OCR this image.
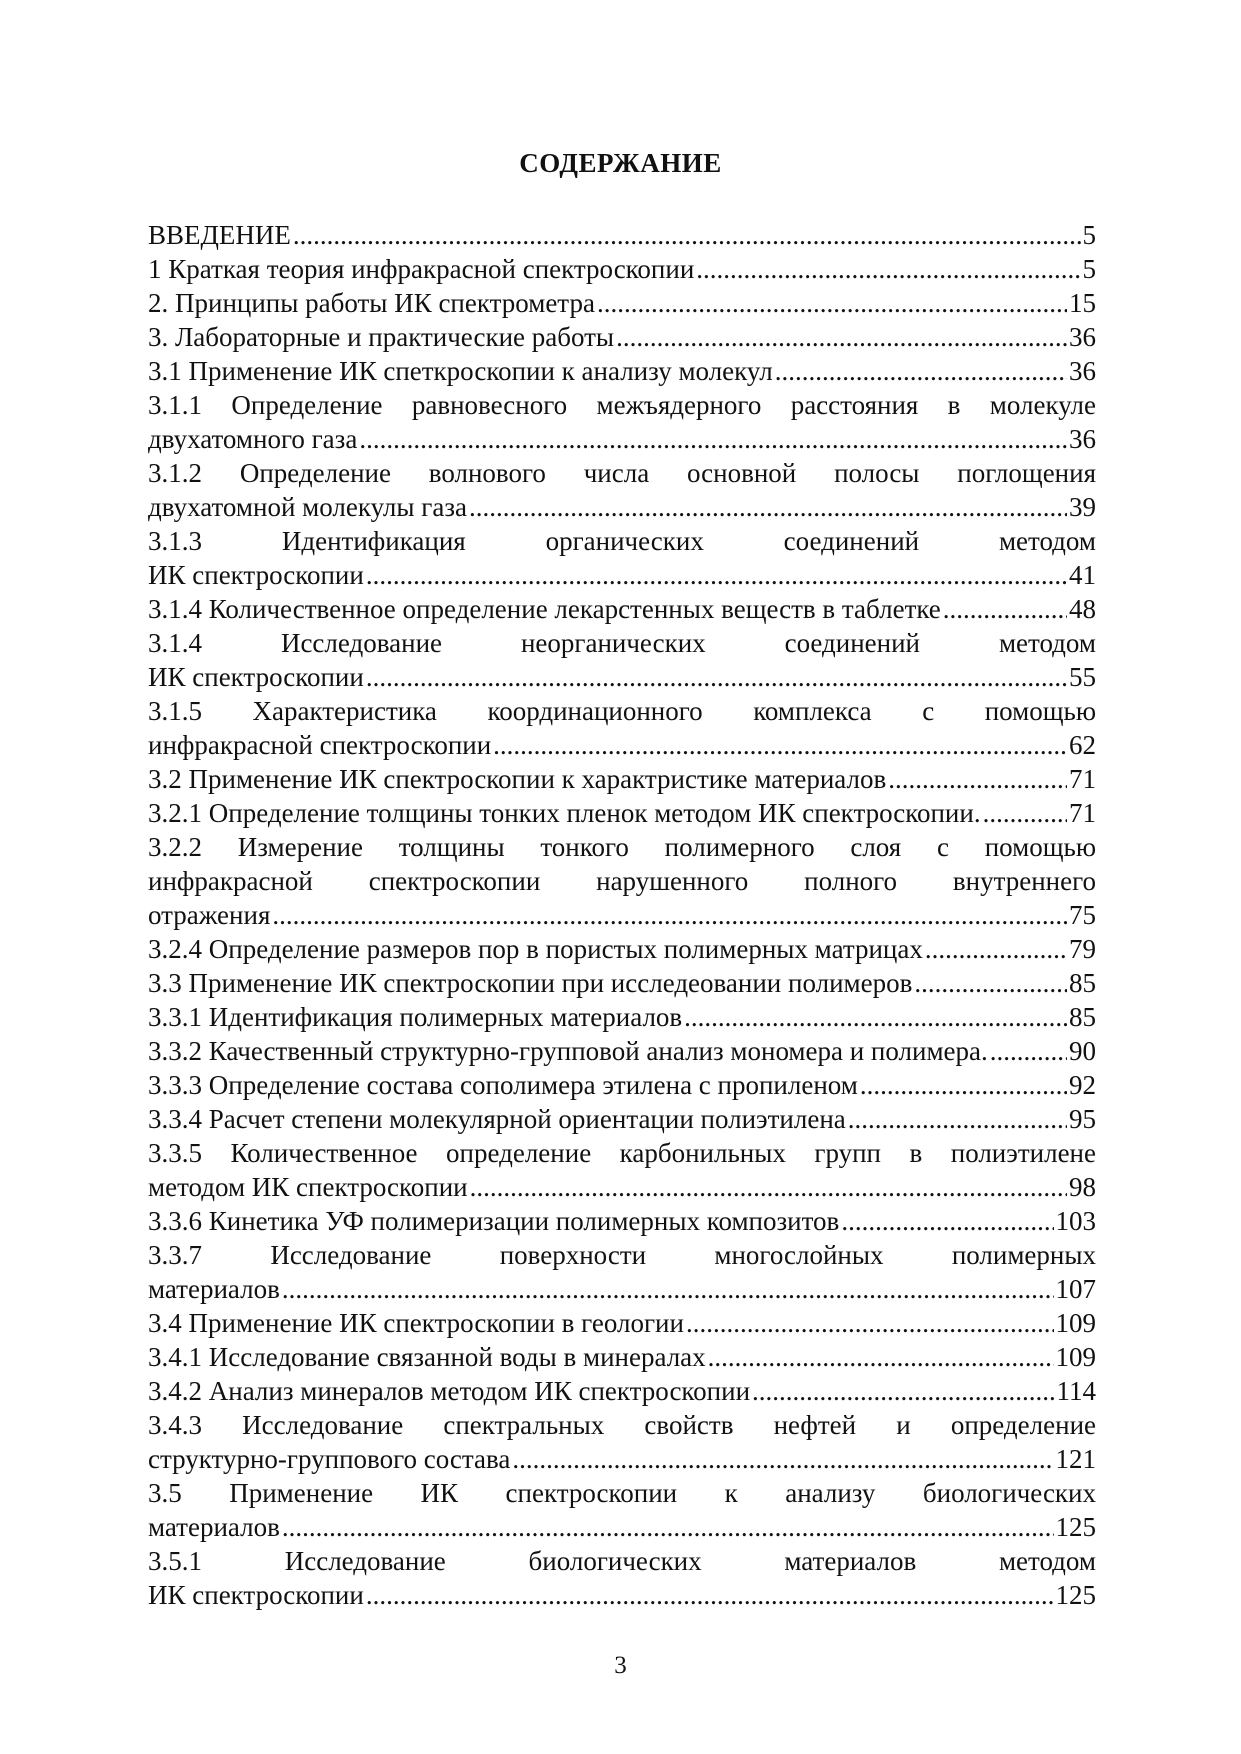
СОДЕРЖАНИЕ
ВВЕДЕНИЕ .....	5
1 Краткая теория инфракрасной спектроскопии .....	5
2. Принципы работы ИК спектрометра .....	15
3. Лабораторные и практические работы .....	36
3.1 Применение ИК спеткроскопии к анализу молекул .....	36
3.1.1 Определение равновесного межъядерного расстояния в молекуле
двухатомного газа .....	36
3.1.2 Определение волнового числа основной полосы поглощения
двухатомной молекулы газа .....	39
3.1.3 Идентификация органических соединений методом
ИК спектроскопии .....	41
3.1.4 Количественное определение лекарстенных веществ в таблетке .....	48
3.1.4 Исследование неорганических соединений методом
ИК спектроскопии .....	55
3.1.5 Характеристика координационного комплекса с помощью
инфракрасной спектроскопии .....	62
3.2 Применение ИК спектроскопии к характристике материалов .....	71
3.2.1 Определение толщины тонких пленок методом ИК спектроскопии. .....	71
3.2.2 Измерение толщины тонкого полимерного слоя с помощью
инфракрасной спектроскопии нарушенного полного внутреннего
отражения .....	75
3.2.4 Определение размеров пор в пористых полимерных матрицах .....	79
3.3 Применение ИК спектроскопии при исследеовании полимеров .....	85
3.3.1 Идентификация полимерных материалов .....	85
3.3.2 Качественный структурно-групповой анализ мономера и полимера. .....	90
3.3.3 Определение состава сополимера этилена с пропиленом .....	92
3.3.4 Расчет степени молекулярной ориентации полиэтилена .....	95
3.3.5 Количественное определение карбонильных групп в полиэтилене
методом ИК спектроскопии .....	98
3.3.6 Кинетика УФ полимеризации полимерных композитов .....	103
3.3.7 Исследование поверхности многослойных полимерных
материалов .....	107
3.4 Применение ИК спектроскопии в геологии .....	109
3.4.1 Исследование связанной воды в минералах .....	109
3.4.2 Анализ минералов методом ИК спектроскопии .....	114
3.4.3 Исследование спектральных свойств нефтей и определение
структурно-группового состава .....	121
3.5 Применение ИК спектроскопии к анализу биологических
материалов .....	125
3.5.1 Исследование биологических материалов методом
ИК спектроскопии .....	125
3
